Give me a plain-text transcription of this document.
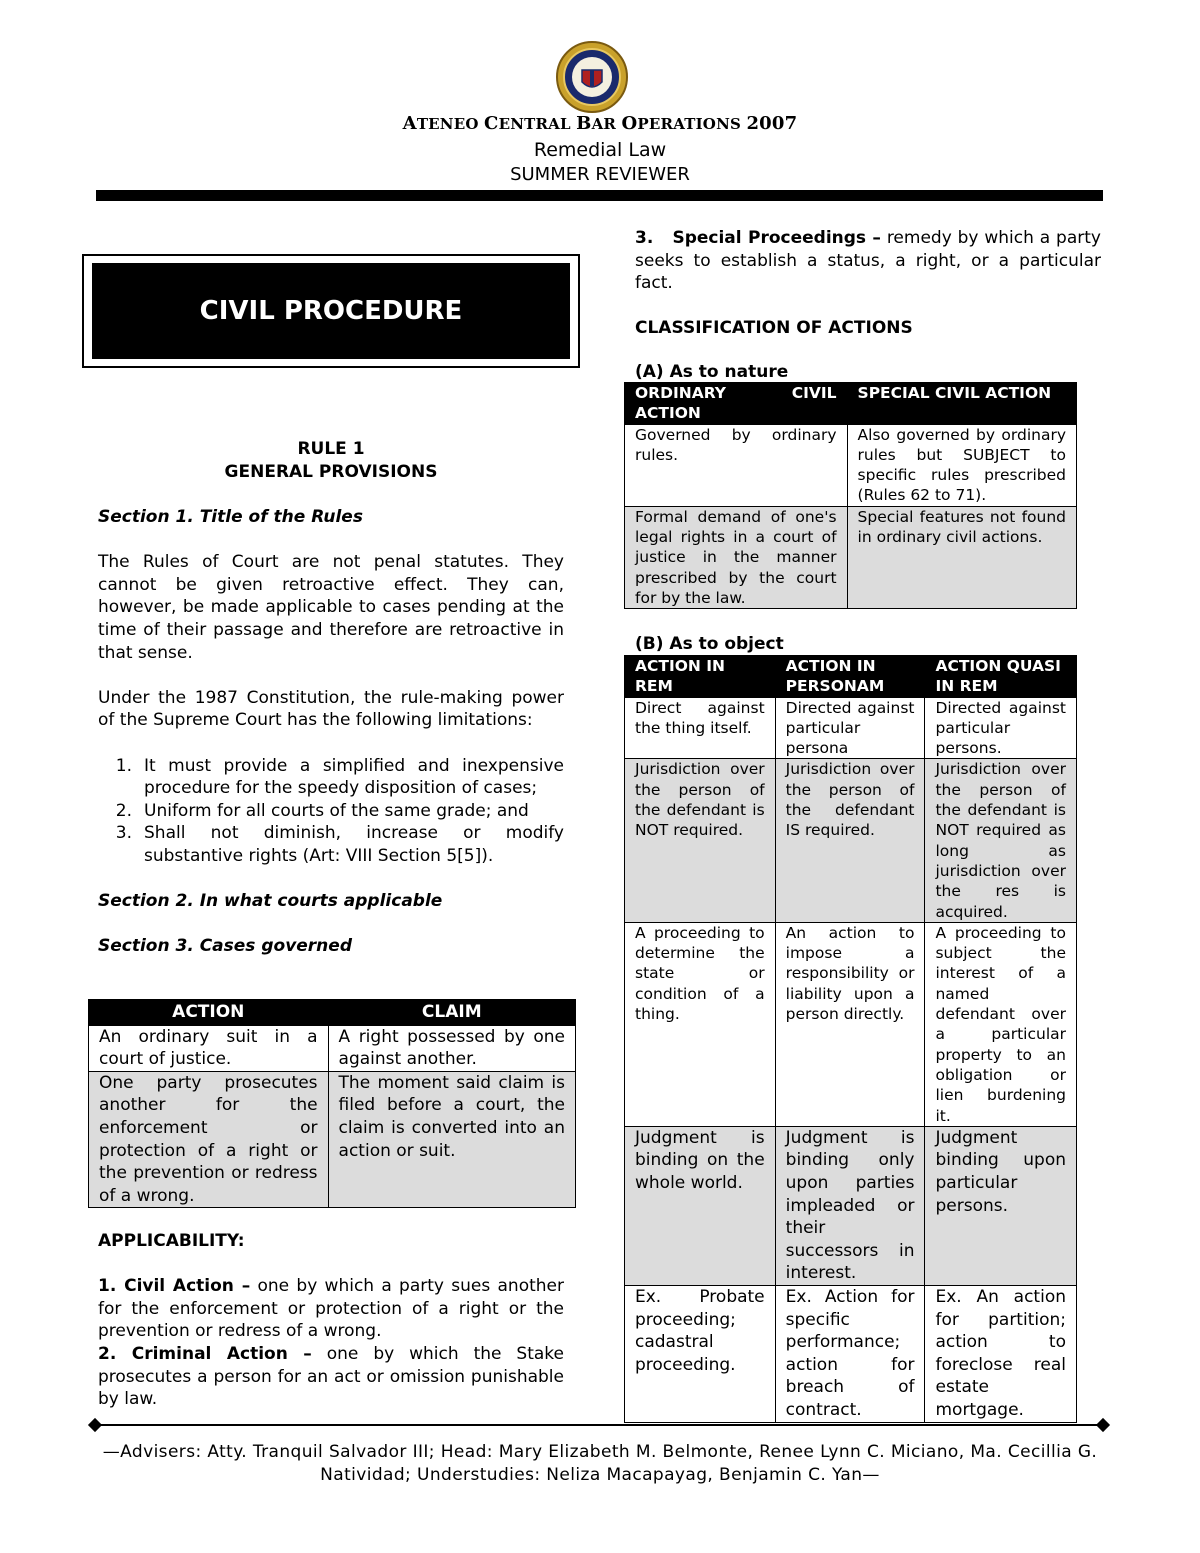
ATENEO CENTRAL BAR OPERATIONS 2007
Remedial Law
SUMMER REVIEWER
CIVIL PROCEDURE
RULE 1
GENERAL PROVISIONS

Section 1. Title of the Rules

The Rules of Court are not penal statutes. They cannot be given retroactive effect. They can, however, be made applicable to cases pending at the time of their passage and therefore are retroactive in that sense.

Under the 1987 Constitution, the rule-making power of the Supreme Court has the following limitations:

1. It must provide a simplified and inexpensive procedure for the speedy disposition of cases;
2. Uniform for all courts of the same grade; and
3. Shall not diminish, increase or modify substantive rights (Art: VIII Section 5[5]).

Section 2. In what courts applicable

Section 3. Cases governed

ACTION	CLAIM
An ordinary suit in a court of justice.	A right possessed by one against another.
One party prosecutes another for the enforcement or protection of a right or the prevention or redress of a wrong.	The moment said claim is filed before a court, the claim is converted into an action or suit.

APPLICABILITY:

1. Civil Action – one by which a party sues another for the enforcement or protection of a right or the prevention or redress of a wrong.

2. Criminal Action – one by which the Stake prosecutes a person for an act or omission punishable by law.

3.   Special Proceedings – remedy by which a party seeks to establish a status, a right, or a particular fact.

CLASSIFICATION OF ACTIONS

(A) As to nature
ORDINARY CIVIL ACTION	SPECIAL CIVIL ACTION
Governed by ordinary rules.	Also governed by ordinary rules but SUBJECT to specific rules prescribed (Rules 62 to 71).
Formal demand of one's legal rights in a court of justice in the manner prescribed by the court for by the law.	Special features not found in ordinary civil actions.
(B) As to object
ACTION IN REM	ACTION IN PERSONAM	ACTION QUASI IN REM
Direct against the thing itself.	Directed against particular persona	Directed against particular persons.
Jurisdiction over the person of the defendant is NOT required.	Jurisdiction over the person of the defendant IS required.	Jurisdiction over the person of the defendant is NOT required as long as jurisdiction over the res is acquired.
A proceeding to determine the state or condition of a thing.	An action to impose a responsibility or liability upon a person directly.	A proceeding to subject the interest of a named defendant over a particular property to an obligation or lien burdening it.
Judgment is binding on the whole world.	Judgment is binding only upon parties impleaded or their successors in interest.	Judgment binding upon particular persons.
Ex. Probate proceeding; cadastral proceeding.	Ex. Action for specific performance; action for breach of contract.	Ex. An action for partition; action to foreclose real estate mortgage.
—Advisers: Atty. Tranquil Salvador III; Head: Mary Elizabeth M. Belmonte, Renee Lynn C. Miciano, Ma. Cecillia G.
Natividad; Understudies: Neliza Macapayag, Benjamin C. Yan—
